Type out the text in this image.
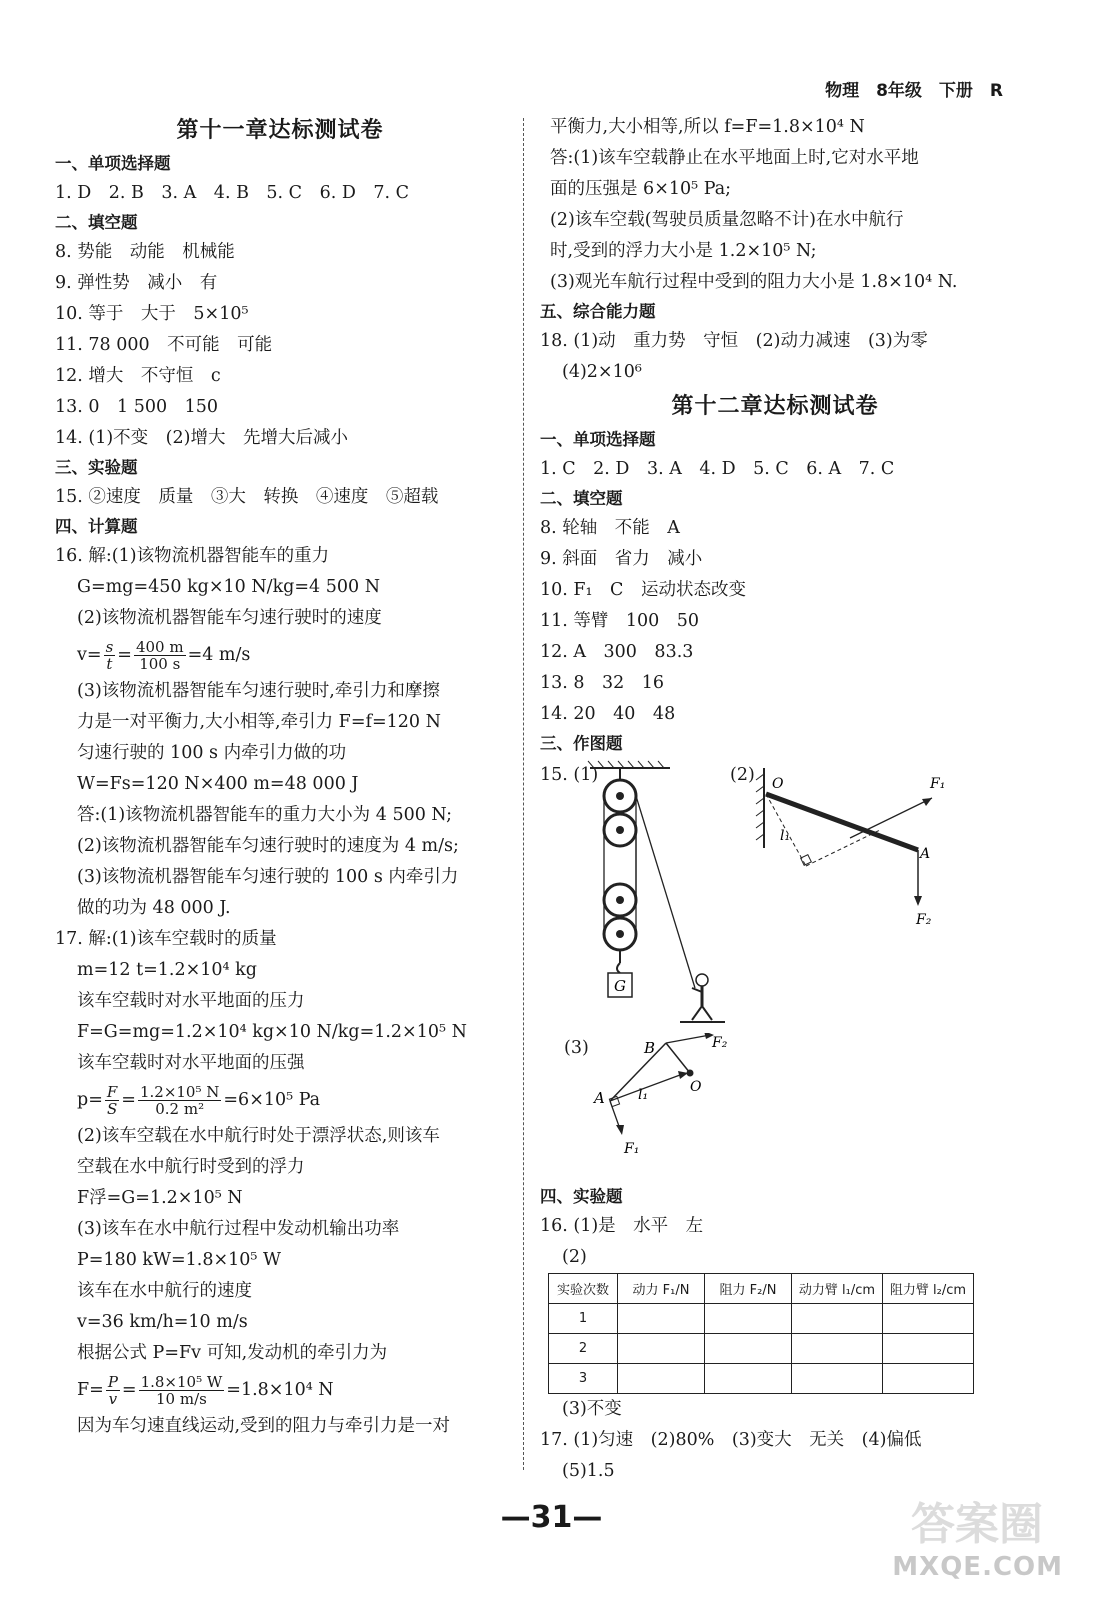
物理　8年级　下册　R
第十一章达标测试卷
一、单项选择题
1. D　2. B　3. A　4. B　5. C　6. D　7. C
二、填空题
8. 势能　动能　机械能
9. 弹性势　减小　有
10. 等于　大于　5×10⁵
11. 78 000　不可能　可能
12. 增大　不守恒　c
13. 0　1 500　150
14. (1)不变　(2)增大　先增大后减小
三、实验题
15. ②速度　质量　③大　转换　④速度　⑤超载
四、计算题
16. 解:(1)该物流机器智能车的重力
G=mg=450 kg×10 N/kg=4 500 N
(2)该物流机器智能车匀速行驶时的速度
$v= \frac{s}{t} = \frac{400 m}{100 s} =4$ m/s
(3)该物流机器智能车匀速行驶时,牵引力和摩擦
力是一对平衡力,大小相等,牵引力 F=f=120 N
匀速行驶的 100 s 内牵引力做的功
W=Fs=120 N×400 m=48 000 J
答:(1)该物流机器智能车的重力大小为 4 500 N;
(2)该物流机器智能车匀速行驶时的速度为 4 m/s;
(3)该物流机器智能车匀速行驶的 100 s 内牵引力
做的功为 48 000 J.
17. 解:(1)该车空载时的质量
m=12 t=1.2×10⁴ kg
该车空载时对水平地面的压力
F=G=mg=1.2×10⁴ kg×10 N/kg=1.2×10⁵ N
该车空载时对水平地面的压强
$p= \frac{F}{S} = \frac{\text{1.2×10⁵ N}}{\text{0.2 m²}} =6\times 10^5$ Pa
(2)该车空载在水中航行时处于漂浮状态,则该车
空载在水中航行时受到的浮力
F浮=G=1.2×10⁵ N
(3)该车在水中航行过程中发动机输出功率
P=180 kW=1.8×10⁵ W
该车在水中航行的速度
v=36 km/h=10 m/s
根据公式 P=Fv 可知,发动机的牵引力为
$F= \frac{P}{v} = \frac{\text{1.8×10⁵ W}}{10 m/s} =1.8\times 10^4$ N
因为车匀速直线运动,受到的阻力与牵引力是一对
平衡力,大小相等,所以 f=F=1.8×10⁴ N
答:(1)该车空载静止在水平地面上时,它对水平地
面的压强是 6×10⁵ Pa;
(2)该车空载(驾驶员质量忽略不计)在水中航行
时,受到的浮力大小是 1.2×10⁵ N;
(3)观光车航行过程中受到的阻力大小是 1.8×10⁴ N.
五、综合能力题
18. (1)动　重力势　守恒　(2)动力减速　(3)为零
(4)2×10⁶
第十二章达标测试卷
一、单项选择题
1. C　2. D　3. A　4. D　5. C　6. A　7. C
二、填空题
8. 轮轴　不能　A
9. 斜面　省力　减小
10. F₁　C　运动状态改变
11. 等臂　100　50
12. A　300　83.3
13. 8　32　16
14. 20　40　48
三、作图题
15. (1)	(2)
G
O	F₁
A
l₁
F₂
(3)	B	F₂
O
l₁
A
F₁
四、实验题
16. (1)是　水平　左
(2)
实验次数	动力 F₁/N	阻力 F₂/N	动力臂 l₁/cm	阻力臂 l₂/cm
1				
2				
3				
(3)不变
17. (1)匀速　(2)80%　(3)变大　无关　(4)偏低
(5)1.5
—31—	答案圈
MXQE.COM
